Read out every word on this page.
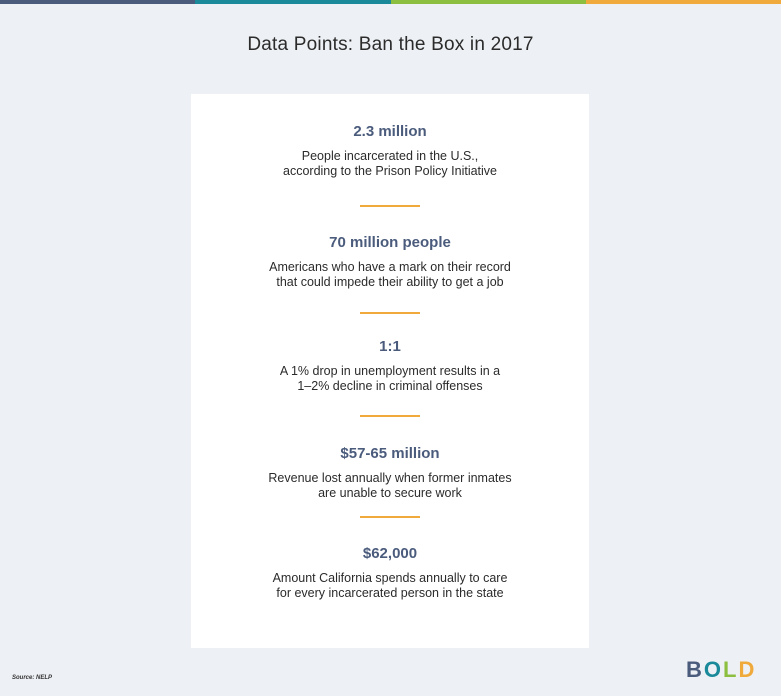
Data Points: Ban the Box in 2017
2.3 million
People incarcerated in the U.S.,
according to the Prison Policy Initiative
70 million people
Americans who have a mark on their record
that could impede their ability to get a job
1:1
A 1% drop in unemployment results in a
1–2% decline in criminal offenses
$57-65 million
Revenue lost annually when former inmates
are unable to secure work
$62,000
Amount California spends annually to care
for every incarcerated person in the state
Source: NELP	BOLD
